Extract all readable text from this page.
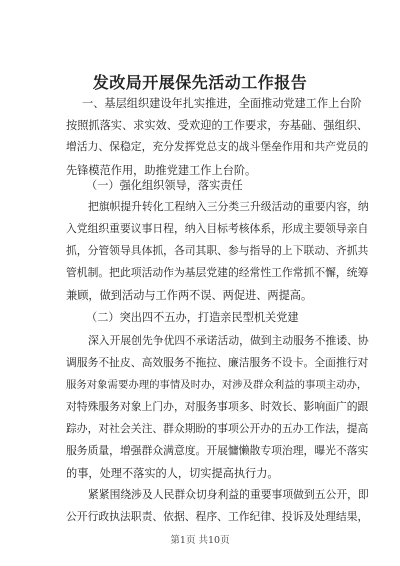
发改局开展保先活动工作报告
一、基层组织建设年扎实推进，全面推动党建工作上台阶
按照抓落实、求实效、受欢迎的工作要求，夯基础、强组织、
增活力、保稳定，充分发挥党总支的战斗堡垒作用和共产党员的
先锋模范作用，助推党建工作上台阶。
（一）强化组织领导，落实责任
把旗帜提升转化工程纳入三分类三升级活动的重要内容，纳
入党组织重要议事日程，纳入目标考核体系，形成主要领导亲自
抓，分管领导具体抓，各司其职、参与指导的上下联动、齐抓共
管机制。把此项活动作为基层党建的经常性工作常抓不懈，统筹
兼顾，做到活动与工作两不误、两促进、两提高。
（二）突出四不五办，打造亲民型机关党建
深入开展创先争优四不承诺活动，做到主动服务不推诿、协
调服务不扯皮、高效服务不拖拉、廉洁服务不设卡。全面推行对
服务对象需要办理的事情及时办，对涉及群众利益的事项主动办，
对特殊服务对象上门办，对服务事项多、时效长、影响面广的跟
踪办，对社会关注、群众期盼的事项公开办的五办工作法，提高
服务质量，增强群众满意度。开展慵懒散专项治理，曝光不落实
的事，处理不落实的人，切实提高执行力。
紧紧围绕涉及人民群众切身利益的重要事项做到五公开，即
公开行政执法职责、依据、程序、工作纪律、投诉及处理结果，
第1页 共10页
